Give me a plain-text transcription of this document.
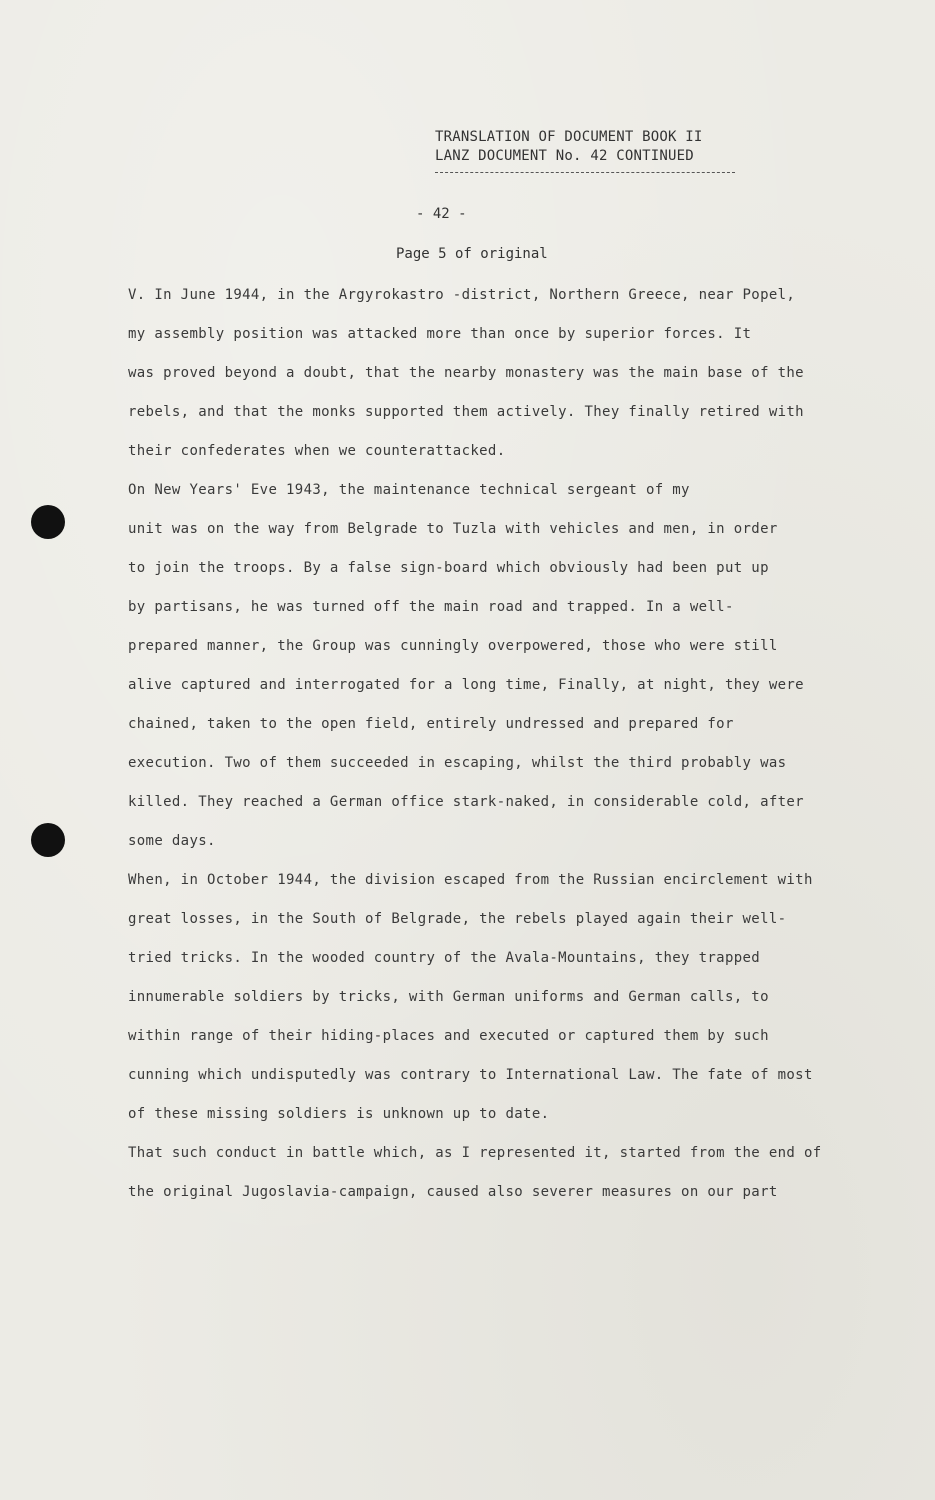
TRANSLATION OF DOCUMENT BOOK II
LANZ DOCUMENT No. 42 CONTINUED
- 42 -
Page 5 of original
V. In June 1944, in the Argyrokastro -district, Northern Greece, near Popel,
my assembly position was attacked more than once by superior forces. It
was proved beyond a doubt, that the nearby monastery was the main base of the
rebels, and that the monks supported them actively. They finally retired with
their confederates when we counterattacked.
On New Years' Eve 1943, the maintenance technical sergeant of my
unit was on the way from Belgrade to Tuzla with vehicles and men, in order
to join the troops. By a false sign-board which obviously had been put up
by partisans, he was turned off the main road and trapped. In a well-
prepared manner, the Group was cunningly overpowered, those who were still
alive captured and interrogated for a long time, Finally, at night, they were
chained, taken to the open field, entirely undressed and prepared for
execution. Two of them succeeded in escaping, whilst the third probably was
killed. They reached a German office stark-naked, in considerable cold, after
some days.
When, in October 1944, the division escaped from the Russian encirclement with
great losses, in the South of Belgrade, the rebels played again their well-
tried tricks. In the wooded country of the Avala-Mountains, they trapped
innumerable soldiers by tricks, with German uniforms and German calls, to
within range of their hiding-places and executed or captured them by such
cunning which undisputedly was contrary to International Law. The fate of most
of these missing soldiers is unknown up to date.
That such conduct in battle which, as I represented it, started from the end of
the original Jugoslavia-campaign, caused also severer measures on our part
